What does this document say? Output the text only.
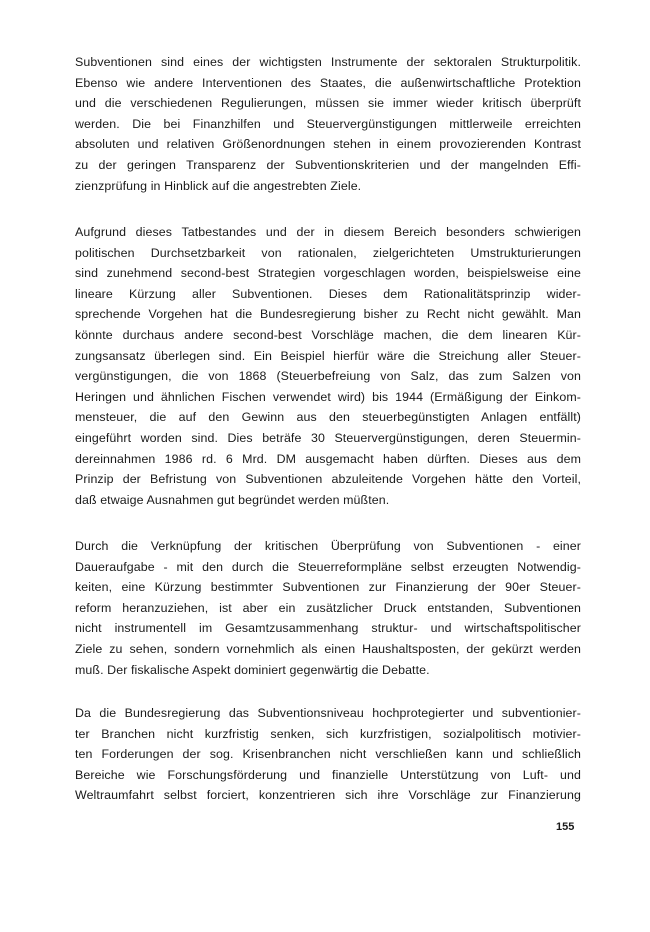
Subventionen sind eines der wichtigsten Instrumente der sektoralen Strukturpolitik.
Ebenso wie andere Interventionen des Staates, die außenwirtschaftliche Protektion
und die verschiedenen Regulierungen, müssen sie immer wieder kritisch überprüft
werden. Die bei Finanzhilfen und Steuervergünstigungen mittlerweile erreichten
absoluten und relativen Größenordnungen stehen in einem provozierenden Kontrast
zu der geringen Transparenz der Subventionskriterien und der mangelnden Effi-
zienzprüfung in Hinblick auf die angestrebten Ziele.

Aufgrund dieses Tatbestandes und der in diesem Bereich besonders schwierigen
politischen Durchsetzbarkeit von rationalen, zielgerichteten Umstrukturierungen
sind zunehmend second-best Strategien vorgeschlagen worden, beispielsweise eine
lineare Kürzung aller Subventionen. Dieses dem Rationalitätsprinzip wider-
sprechende Vorgehen hat die Bundesregierung bisher zu Recht nicht gewählt. Man
könnte durchaus andere second-best Vorschläge machen, die dem linearen Kür-
zungsansatz überlegen sind. Ein Beispiel hierfür wäre die Streichung aller Steuer-
vergünstigungen, die von 1868 (Steuerbefreiung von Salz, das zum Salzen von
Heringen und ähnlichen Fischen verwendet wird) bis 1944 (Ermäßigung der Einkom-
mensteuer, die auf den Gewinn aus den steuerbegünstigten Anlagen entfällt)
eingeführt worden sind. Dies beträfe 30 Steuervergünstigungen, deren Steuermin-
dereinnahmen 1986 rd. 6 Mrd. DM ausgemacht haben dürften. Dieses aus dem
Prinzip der Befristung von Subventionen abzuleitende Vorgehen hätte den Vorteil,
daß etwaige Ausnahmen gut begründet werden müßten.

Durch die Verknüpfung der kritischen Überprüfung von Subventionen - einer
Daueraufgabe - mit den durch die Steuerreformpläne selbst erzeugten Notwendig-
keiten, eine Kürzung bestimmter Subventionen zur Finanzierung der 90er Steuer-
reform heranzuziehen, ist aber ein zusätzlicher Druck entstanden, Subventionen
nicht instrumentell im Gesamtzusammenhang struktur- und wirtschaftspolitischer
Ziele zu sehen, sondern vornehmlich als einen Haushaltsposten, der gekürzt werden
muß. Der fiskalische Aspekt dominiert gegenwärtig die Debatte.

Da die Bundesregierung das Subventionsniveau hochprotegierter und subventionier-
ter Branchen nicht kurzfristig senken, sich kurzfristigen, sozialpolitisch motivier-
ten Forderungen der sog. Krisenbranchen nicht verschließen kann und schließlich
Bereiche wie Forschungsförderung und finanzielle Unterstützung von Luft- und
Weltraumfahrt selbst forciert, konzentrieren sich ihre Vorschläge zur Finanzierung

155
